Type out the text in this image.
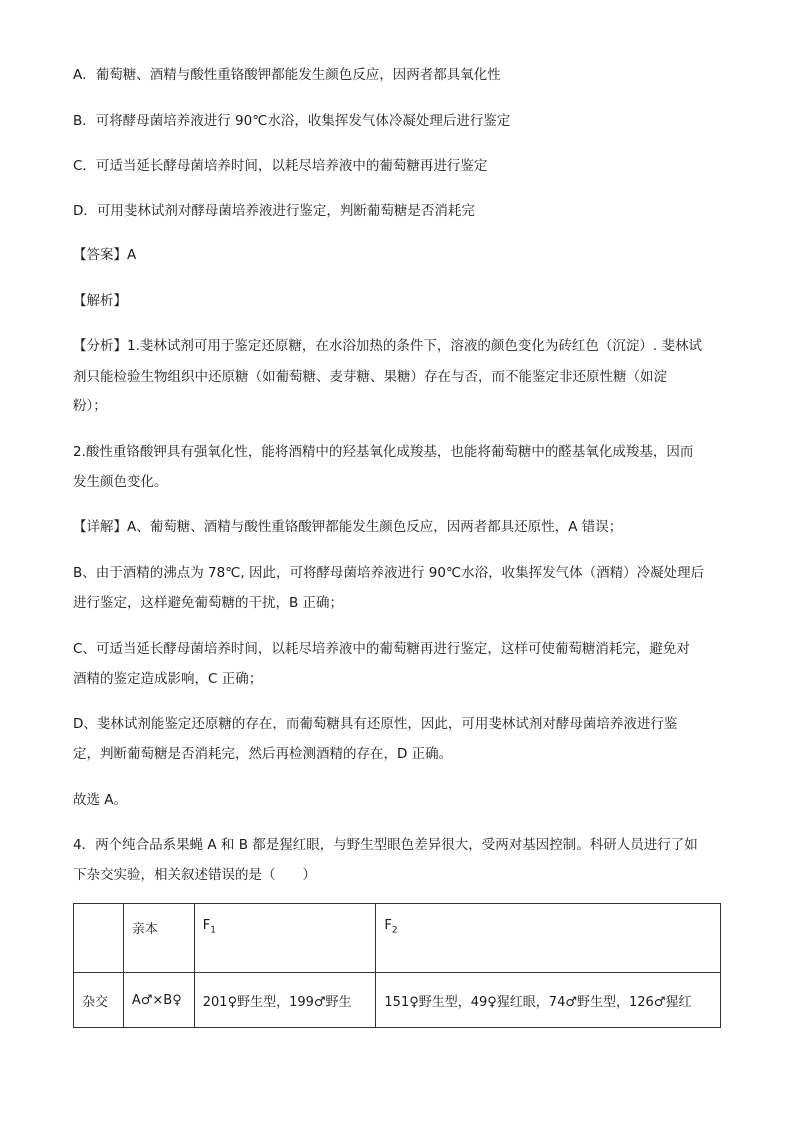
A．葡萄糖、酒精与酸性重铬酸钾都能发生颜色反应，因两者都具氧化性
B．可将酵母菌培养液进行 90℃水浴，收集挥发气体冷凝处理后进行鉴定
C．可适当延长酵母菌培养时间，以耗尽培养液中的葡萄糖再进行鉴定
D．可用斐林试剂对酵母菌培养液进行鉴定，判断葡萄糖是否消耗完
【答案】A
【解析】
【分析】1.斐林试剂可用于鉴定还原糖，在水浴加热的条件下，溶液的颜色变化为砖红色（沉淀）. 斐林试
剂只能检验生物组织中还原糖（如葡萄糖、麦芽糖、果糖）存在与否，而不能鉴定非还原性糖（如淀
粉）；
2.酸性重铬酸钾具有强氧化性，能将酒精中的羟基氧化成羧基，也能将葡萄糖中的醛基氧化成羧基，因而
发生颜色变化。
【详解】A、葡萄糖、酒精与酸性重铬酸钾都能发生颜色反应，因两者都具还原性，A 错误；
B、由于酒精的沸点为 78℃, 因此，可将酵母菌培养液进行 90℃水浴，收集挥发气体（酒精）冷凝处理后
进行鉴定，这样避免葡萄糖的干扰，B 正确；
C、可适当延长酵母菌培养时间，以耗尽培养液中的葡萄糖再进行鉴定，这样可使葡萄糖消耗完，避免对
酒精的鉴定造成影响，C 正确；
D、斐林试剂能鉴定还原糖的存在，而葡萄糖具有还原性，因此，可用斐林试剂对酵母菌培养液进行鉴
定，判断葡萄糖是否消耗完，然后再检测酒精的存在，D 正确。
故选 A。
4．两个纯合品系果蝇 A 和 B 都是猩红眼，与野生型眼色差异很大，受两对基因控制。科研人员进行了如
下杂交实验，相关叙述错误的是（　　）
	亲本	$F_1$	$F_2$
杂交	A♂×B♀	201♀野生型，199♂野生	151♀野生型，49♀猩红眼，74♂野生型，126♂猩红
